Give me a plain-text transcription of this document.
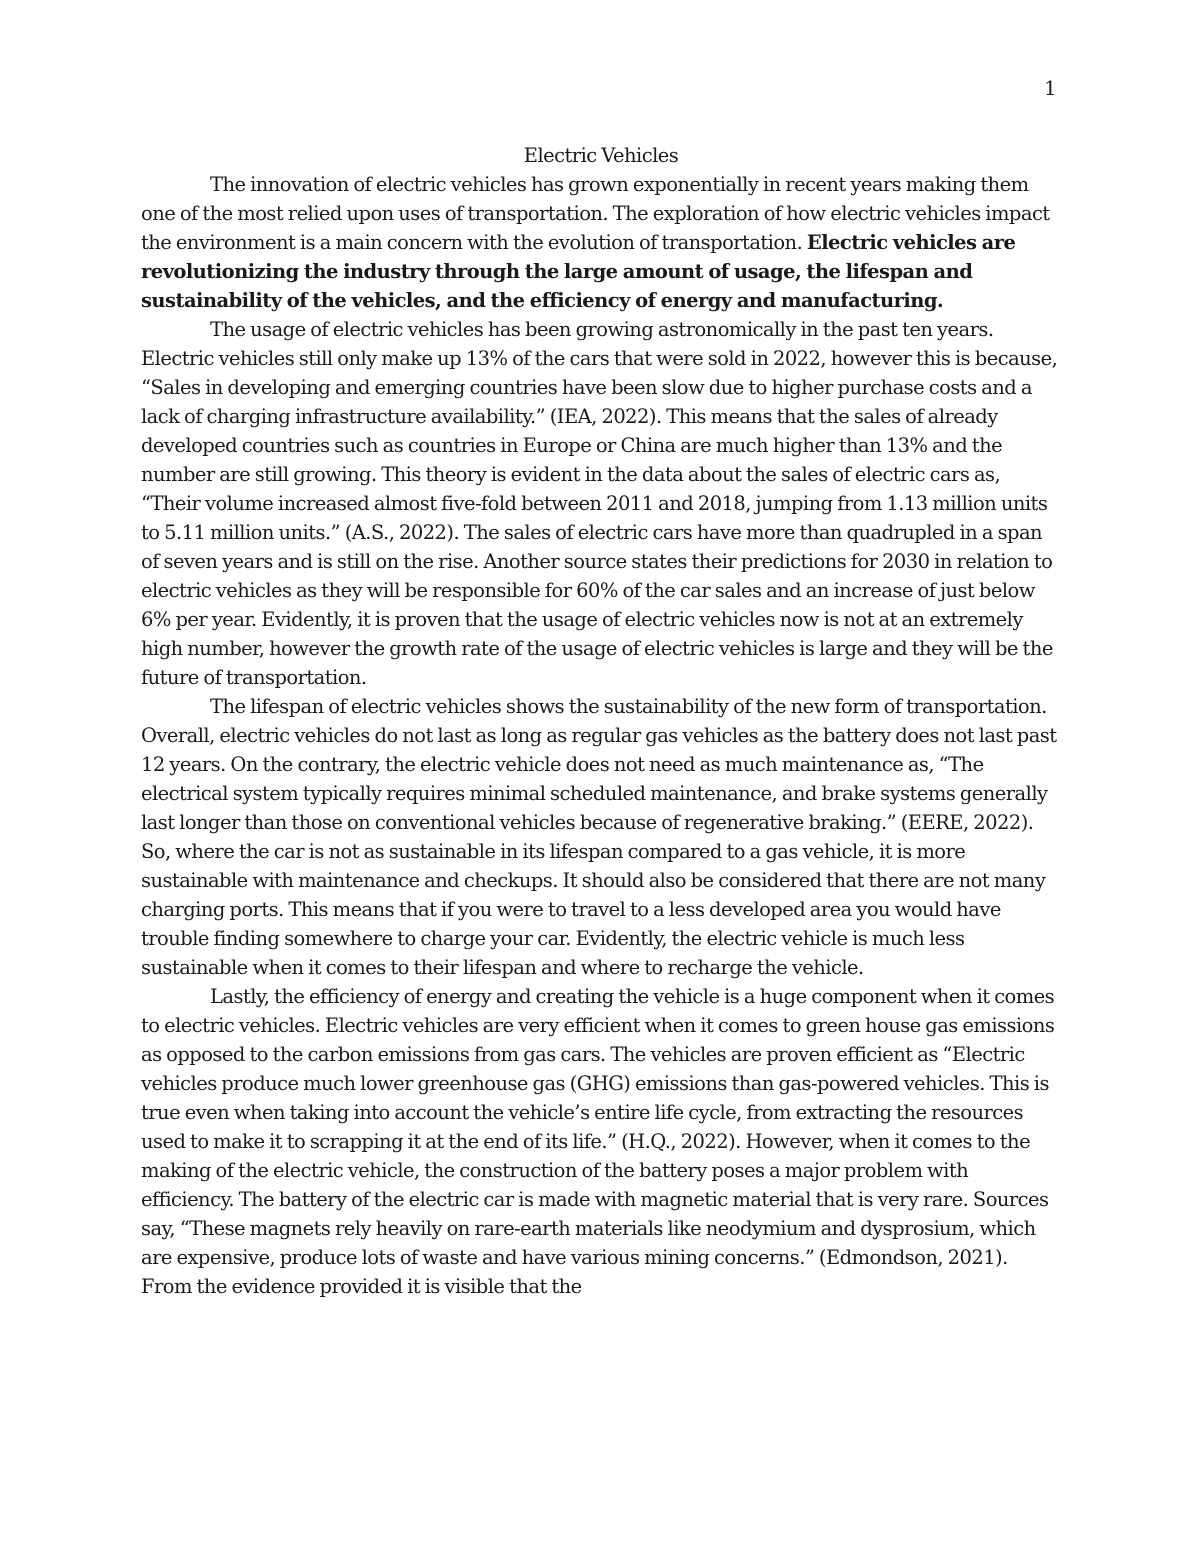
1

Electric Vehicles

The innovation of electric vehicles has grown exponentially in recent years making them one of the most relied upon uses of transportation. The exploration of how electric vehicles impact the environment is a main concern with the evolution of transportation. Electric vehicles are revolutionizing the industry through the large amount of usage, the lifespan and sustainability of the vehicles, and the efficiency of energy and manufacturing.

The usage of electric vehicles has been growing astronomically in the past ten years. Electric vehicles still only make up 13% of the cars that were sold in 2022, however this is because, “Sales in developing and emerging countries have been slow due to higher purchase costs and a lack of charging infrastructure availability.” (IEA, 2022). This means that the sales of already developed countries such as countries in Europe or China are much higher than 13% and the number are still growing. This theory is evident in the data about the sales of electric cars as, “Their volume increased almost five-fold between 2011 and 2018, jumping from 1.13 million units to 5.11 million units.” (A.S., 2022). The sales of electric cars have more than quadrupled in a span of seven years and is still on the rise. Another source states their predictions for 2030 in relation to electric vehicles as they will be responsible for 60% of the car sales and an increase of just below 6% per year. Evidently, it is proven that the usage of electric vehicles now is not at an extremely high number, however the growth rate of the usage of electric vehicles is large and they will be the future of transportation.

The lifespan of electric vehicles shows the sustainability of the new form of transportation. Overall, electric vehicles do not last as long as regular gas vehicles as the battery does not last past 12 years. On the contrary, the electric vehicle does not need as much maintenance as, “The electrical system typically requires minimal scheduled maintenance, and brake systems generally last longer than those on conventional vehicles because of regenerative braking.” (EERE, 2022). So, where the car is not as sustainable in its lifespan compared to a gas vehicle, it is more sustainable with maintenance and checkups. It should also be considered that there are not many charging ports. This means that if you were to travel to a less developed area you would have trouble finding somewhere to charge your car. Evidently, the electric vehicle is much less sustainable when it comes to their lifespan and where to recharge the vehicle.

Lastly, the efficiency of energy and creating the vehicle is a huge component when it comes to electric vehicles. Electric vehicles are very efficient when it comes to green house gas emissions as opposed to the carbon emissions from gas cars. The vehicles are proven efficient as “Electric vehicles produce much lower greenhouse gas (GHG) emissions than gas-powered vehicles. This is true even when taking into account the vehicle’s entire life cycle, from extracting the resources used to make it to scrapping it at the end of its life.” (H.Q., 2022). However, when it comes to the making of the electric vehicle, the construction of the battery poses a major problem with efficiency. The battery of the electric car is made with magnetic material that is very rare. Sources say, “These magnets rely heavily on rare-earth materials like neodymium and dysprosium, which are expensive, produce lots of waste and have various mining concerns.” (Edmondson, 2021). From the evidence provided it is visible that the
